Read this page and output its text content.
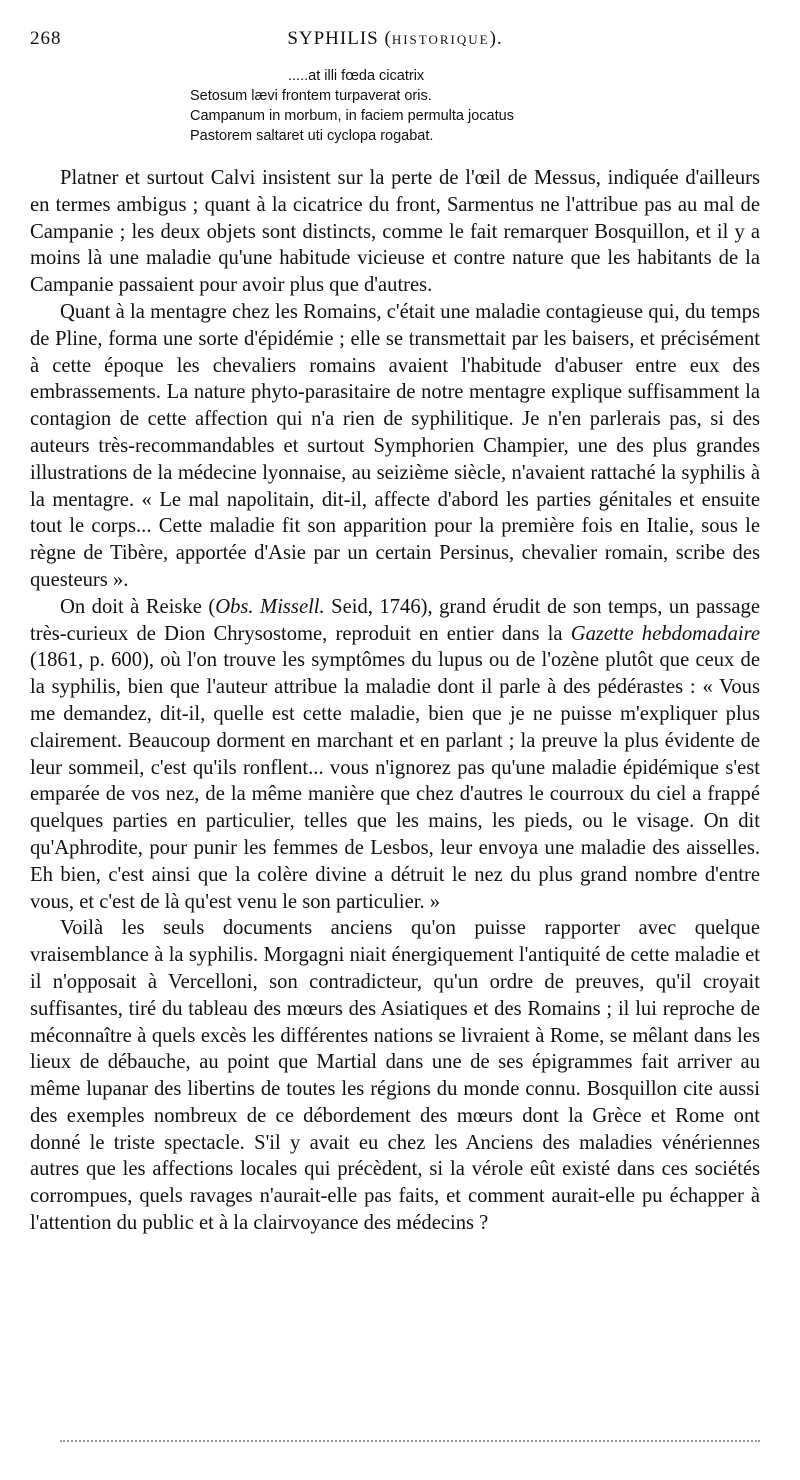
268	SYPHILIS (HISTORIQUE).
.....at illi fœda cicatrix
Setosum lævi frontem turpaverat oris.
Campanum in morbum, in faciem permulta jocatus
Pastorem saltaret uti cyclopa rogabat.

Platner et surtout Calvi insistent sur la perte de l'œil de Messus, indiquée d'ailleurs en termes ambigus ; quant à la cicatrice du front, Sarmentus ne l'attribue pas au mal de Campanie ; les deux objets sont distincts, comme le fait remarquer Bosquillon, et il y a moins là une maladie qu'une habitude vicieuse et contre nature que les habitants de la Campanie passaient pour avoir plus que d'autres.

Quant à la mentagre chez les Romains, c'était une maladie contagieuse qui, du temps de Pline, forma une sorte d'épidémie ; elle se transmettait par les baisers, et précisément à cette époque les chevaliers romains avaient l'habitude d'abuser entre eux des embrassements. La nature phyto-parasitaire de notre mentagre explique suffisamment la contagion de cette affection qui n'a rien de syphilitique. Je n'en parlerais pas, si des auteurs très-recommandables et surtout Symphorien Champier, une des plus grandes illustrations de la médecine lyonnaise, au seizième siècle, n'avaient rattaché la syphilis à la mentagre. « Le mal napolitain, dit-il, affecte d'abord les parties génitales et ensuite tout le corps... Cette maladie fit son apparition pour la première fois en Italie, sous le règne de Tibère, apportée d'Asie par un certain Persinus, chevalier romain, scribe des questeurs ».

On doit à Reiske (Obs. Missell. Seid, 1746), grand érudit de son temps, un passage très-curieux de Dion Chrysostome, reproduit en entier dans la Gazette hebdomadaire (1861, p. 600), où l'on trouve les symptômes du lupus ou de l'ozène plutôt que ceux de la syphilis, bien que l'auteur attribue la maladie dont il parle à des pédérastes : « Vous me demandez, dit-il, quelle est cette maladie, bien que je ne puisse m'expliquer plus clairement. Beaucoup dorment en marchant et en parlant ; la preuve la plus évidente de leur sommeil, c'est qu'ils ronflent... vous n'ignorez pas qu'une maladie épidémique s'est emparée de vos nez, de la même manière que chez d'autres le courroux du ciel a frappé quelques parties en particulier, telles que les mains, les pieds, ou le visage. On dit qu'Aphrodite, pour punir les femmes de Lesbos, leur envoya une maladie des aisselles. Eh bien, c'est ainsi que la colère divine a détruit le nez du plus grand nombre d'entre vous, et c'est de là qu'est venu le son particulier. »

Voilà les seuls documents anciens qu'on puisse rapporter avec quelque vraisemblance à la syphilis. Morgagni niait énergiquement l'antiquité de cette maladie et il n'opposait à Vercelloni, son contradicteur, qu'un ordre de preuves, qu'il croyait suffisantes, tiré du tableau des mœurs des Asiatiques et des Romains ; il lui reproche de méconnaître à quels excès les différentes nations se livraient à Rome, se mêlant dans les lieux de débauche, au point que Martial dans une de ses épigrammes fait arriver au même lupanar des libertins de toutes les régions du monde connu. Bosquillon cite aussi des exemples nombreux de ce débordement des mœurs dont la Grèce et Rome ont donné le triste spectacle. S'il y avait eu chez les Anciens des maladies vénériennes autres que les affections locales qui précèdent, si la vérole eût existé dans ces sociétés corrompues, quels ravages n'aurait-elle pas faits, et comment aurait-elle pu échapper à l'attention du public et à la clairvoyance des médecins ?
